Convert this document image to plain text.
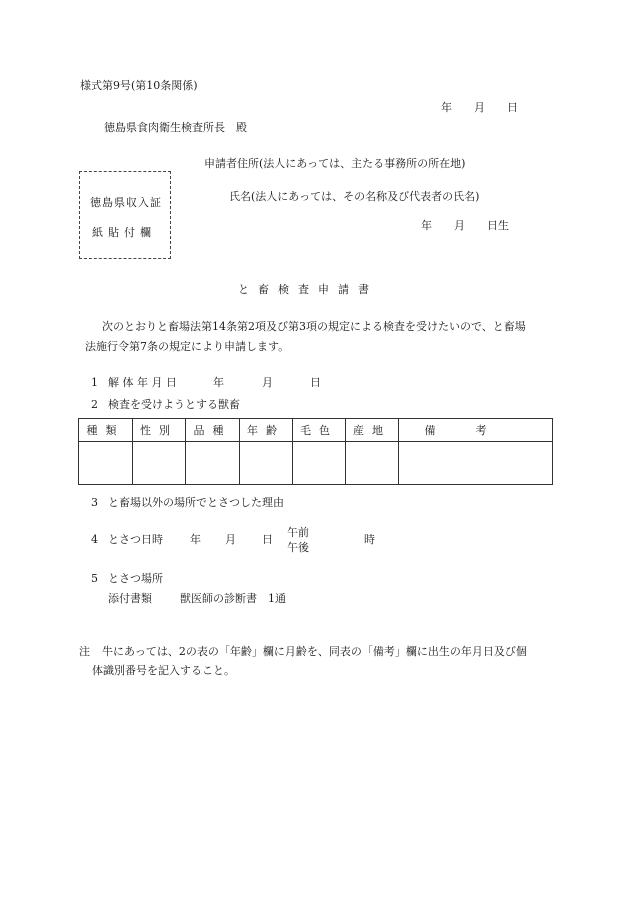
様式第9号(第10条関係)
年　　月　　日
徳島県食肉衛生検査所長　殿
申請者住所(法人にあっては、主たる事務所の所在地)
徳島県収入証
紙貼付欄
氏名(法人にあっては、その名称及び代表者の氏名)
年　　月　　日生
と畜検査申請書
次のとおりと畜場法第14条第2項及び第3項の規定による検査を受けたいので、と畜場
法施行令第7条の規定により申請します。
1 解 体 年 月 日	年	月	日
2 検査を受けようとする獣畜
種類	性別	品種	年齢	毛色	産地	備考

3 と畜場以外の場所でとさつした理由
4 とさつ日時 年 月 日
午前
午後
時
5 とさつ場所
添付書類	獣医師の診断書　1通
注 牛にあっては、2の表の「年齢」欄に月齢を、同表の「備考」欄に出生の年月日及び個
体識別番号を記入すること。
